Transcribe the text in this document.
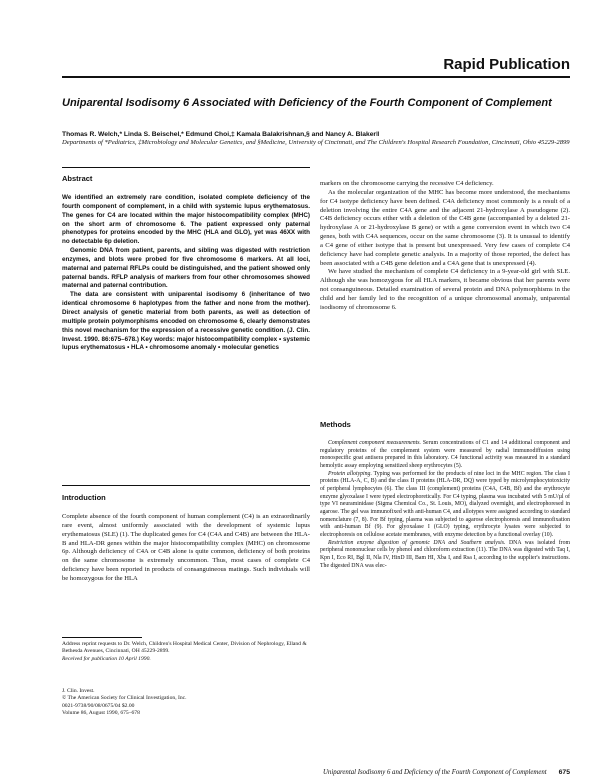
Rapid Publication
Uniparental Isodisomy 6 Associated with Deficiency of the Fourth Component of Complement
Thomas R. Welch,* Linda S. Beischel,* Edmund Choi,‡ Kamala Balakrishnan,§ and Nancy A. Blaker‖
Departments of *Pediatrics, ‡Microbiology and Molecular Genetics, and §Medicine, University of Cincinnati, and The Children's Hospital Research Foundation, Cincinnati, Ohio 45229-2899
Abstract

We identified an extremely rare condition, isolated complete deficiency of the fourth component of complement, in a child with systemic lupus erythematosus. The genes for C4 are located within the major histocompatibility complex (MHC) on the short arm of chromosome 6. The patient expressed only paternal phenotypes for proteins encoded by the MHC (HLA and GLO), yet was 46XX with no detectable 6p deletion.

Genomic DNA from patient, parents, and sibling was digested with restriction enzymes, and blots were probed for five chromosome 6 markers. At all loci, maternal and paternal RFLPs could be distinguished, and the patient showed only paternal bands. RFLP analysis of markers from four other chromosomes showed maternal and paternal contribution.

The data are consistent with uniparental isodisomy 6 (inheritance of two identical chromosome 6 haplotypes from the father and none from the mother). Direct analysis of genetic material from both parents, as well as detection of multiple protein polymorphisms encoded on chromosome 6, clearly demonstrates this novel mechanism for the expression of a recessive genetic condition. (J. Clin. Invest. 1990. 86:675–678.) Key words: major histocompatibility complex • systemic lupus erythematosus • HLA • chromosome anomaly • molecular genetics

Introduction

Complete absence of the fourth component of human complement (C4) is an extraordinarily rare event, almost uniformly associated with the development of systemic lupus erythematosus (SLE) (1). The duplicated genes for C4 (C4A and C4B) are between the HLA-B and HLA-DR genes within the major histocompatibility complex (MHC) on chromosome 6p. Although deficiency of C4A or C4B alone is quite common, deficiency of both proteins on the same chromosome is extremely uncommon. Thus, most cases of complete C4 deficiency have been reported in products of consanguineous matings. Such individuals will be homozygous for the HLA

Address reprint requests to Dr. Welch, Children's Hospital Medical Center, Division of Nephrology, Elland & Bethesda Avenues, Cincinnati, OH 45229-2899.

Received for publication 10 April 1990.

J. Clin. Invest.

© The American Society for Clinical Investigation, Inc.

0021-9738/90/08/0675/04 $2.00

Volume 86, August 1990, 675–678

markers on the chromosome carrying the recessive C4 deficiency.

As the molecular organization of the MHC has become more understood, the mechanisms for C4 isotype deficiency have been defined. C4A deficiency most commonly is a result of a deletion involving the entire C4A gene and the adjacent 21-hydroxylase A pseudogene (2). C4B deficiency occurs either with a deletion of the C4B gene (accompanied by a deleted 21-hydroxylase A or 21-hydroxylase B gene) or with a gene conversion event in which two C4 genes, both with C4A sequences, occur on the same chromosome (3). It is unusual to identify a C4 gene of either isotype that is present but unexpressed. Very few cases of complete C4 deficiency have had complete genetic analysis. In a majority of those reported, the defect has been associated with a C4B gene deletion and a C4A gene that is unexpressed (4).

We have studied the mechanism of complete C4 deficiency in a 9-year-old girl with SLE. Although she was homozygous for all HLA markers, it became obvious that her parents were not consanguineous. Detailed examination of several protein and DNA polymorphisms in the child and her family led to the recognition of a unique chromosomal anomaly, uniparental isodisomy of chromosome 6.

Methods

Complement component measurements. Serum concentrations of C1 and 14 additional component and regulatory proteins of the complement system were measured by radial immunodiffusion using monospecific goat antisera prepared in this laboratory. C4 functional activity was measured in a standard hemolytic assay employing sensitized sheep erythrocytes (5).

Protein allotyping. Typing was performed for the products of nine loci in the MHC region. The class I proteins (HLA-A, C, B) and the class II proteins (HLA-DR, DQ) were typed by microlymphocytotoxicity of peripheral lymphocytes (6). The class III (complement) proteins (C4A, C4B, Bf) and the erythrocyte enzyme glyoxalase I were typed electrophoretically. For C4 typing, plasma was incubated with 5 mU/µl of type VI neuraminidase (Sigma Chemical Co., St. Louis, MO), dialyzed overnight, and electrophoresed in agarose. The gel was immunofixed with anti-human C4, and allotypes were assigned according to standard nomenclature (7, 8). For Bf typing, plasma was subjected to agarose electrophoresis and immunofixation with anti-human Bf (9). For glyoxalase I (GLO) typing, erythrocyte lysates were subjected to electrophoresis on cellulose acetate membranes, with enzyme detection by a functional overlay (10).

Restriction enzyme digestion of genomic DNA and Southern analysis. DNA was isolated from peripheral mononuclear cells by phenol and chloroform extraction (11). The DNA was digested with Taq I, Kpn I, Eco RI, Bgl II, Nla IV, HinD III, Bam HI, Xba I, and Rsa I, according to the supplier's instructions. The digested DNA was elec-

Uniparental Isodisomy 6 and Deficiency of the Fourth Component of Complement 675
